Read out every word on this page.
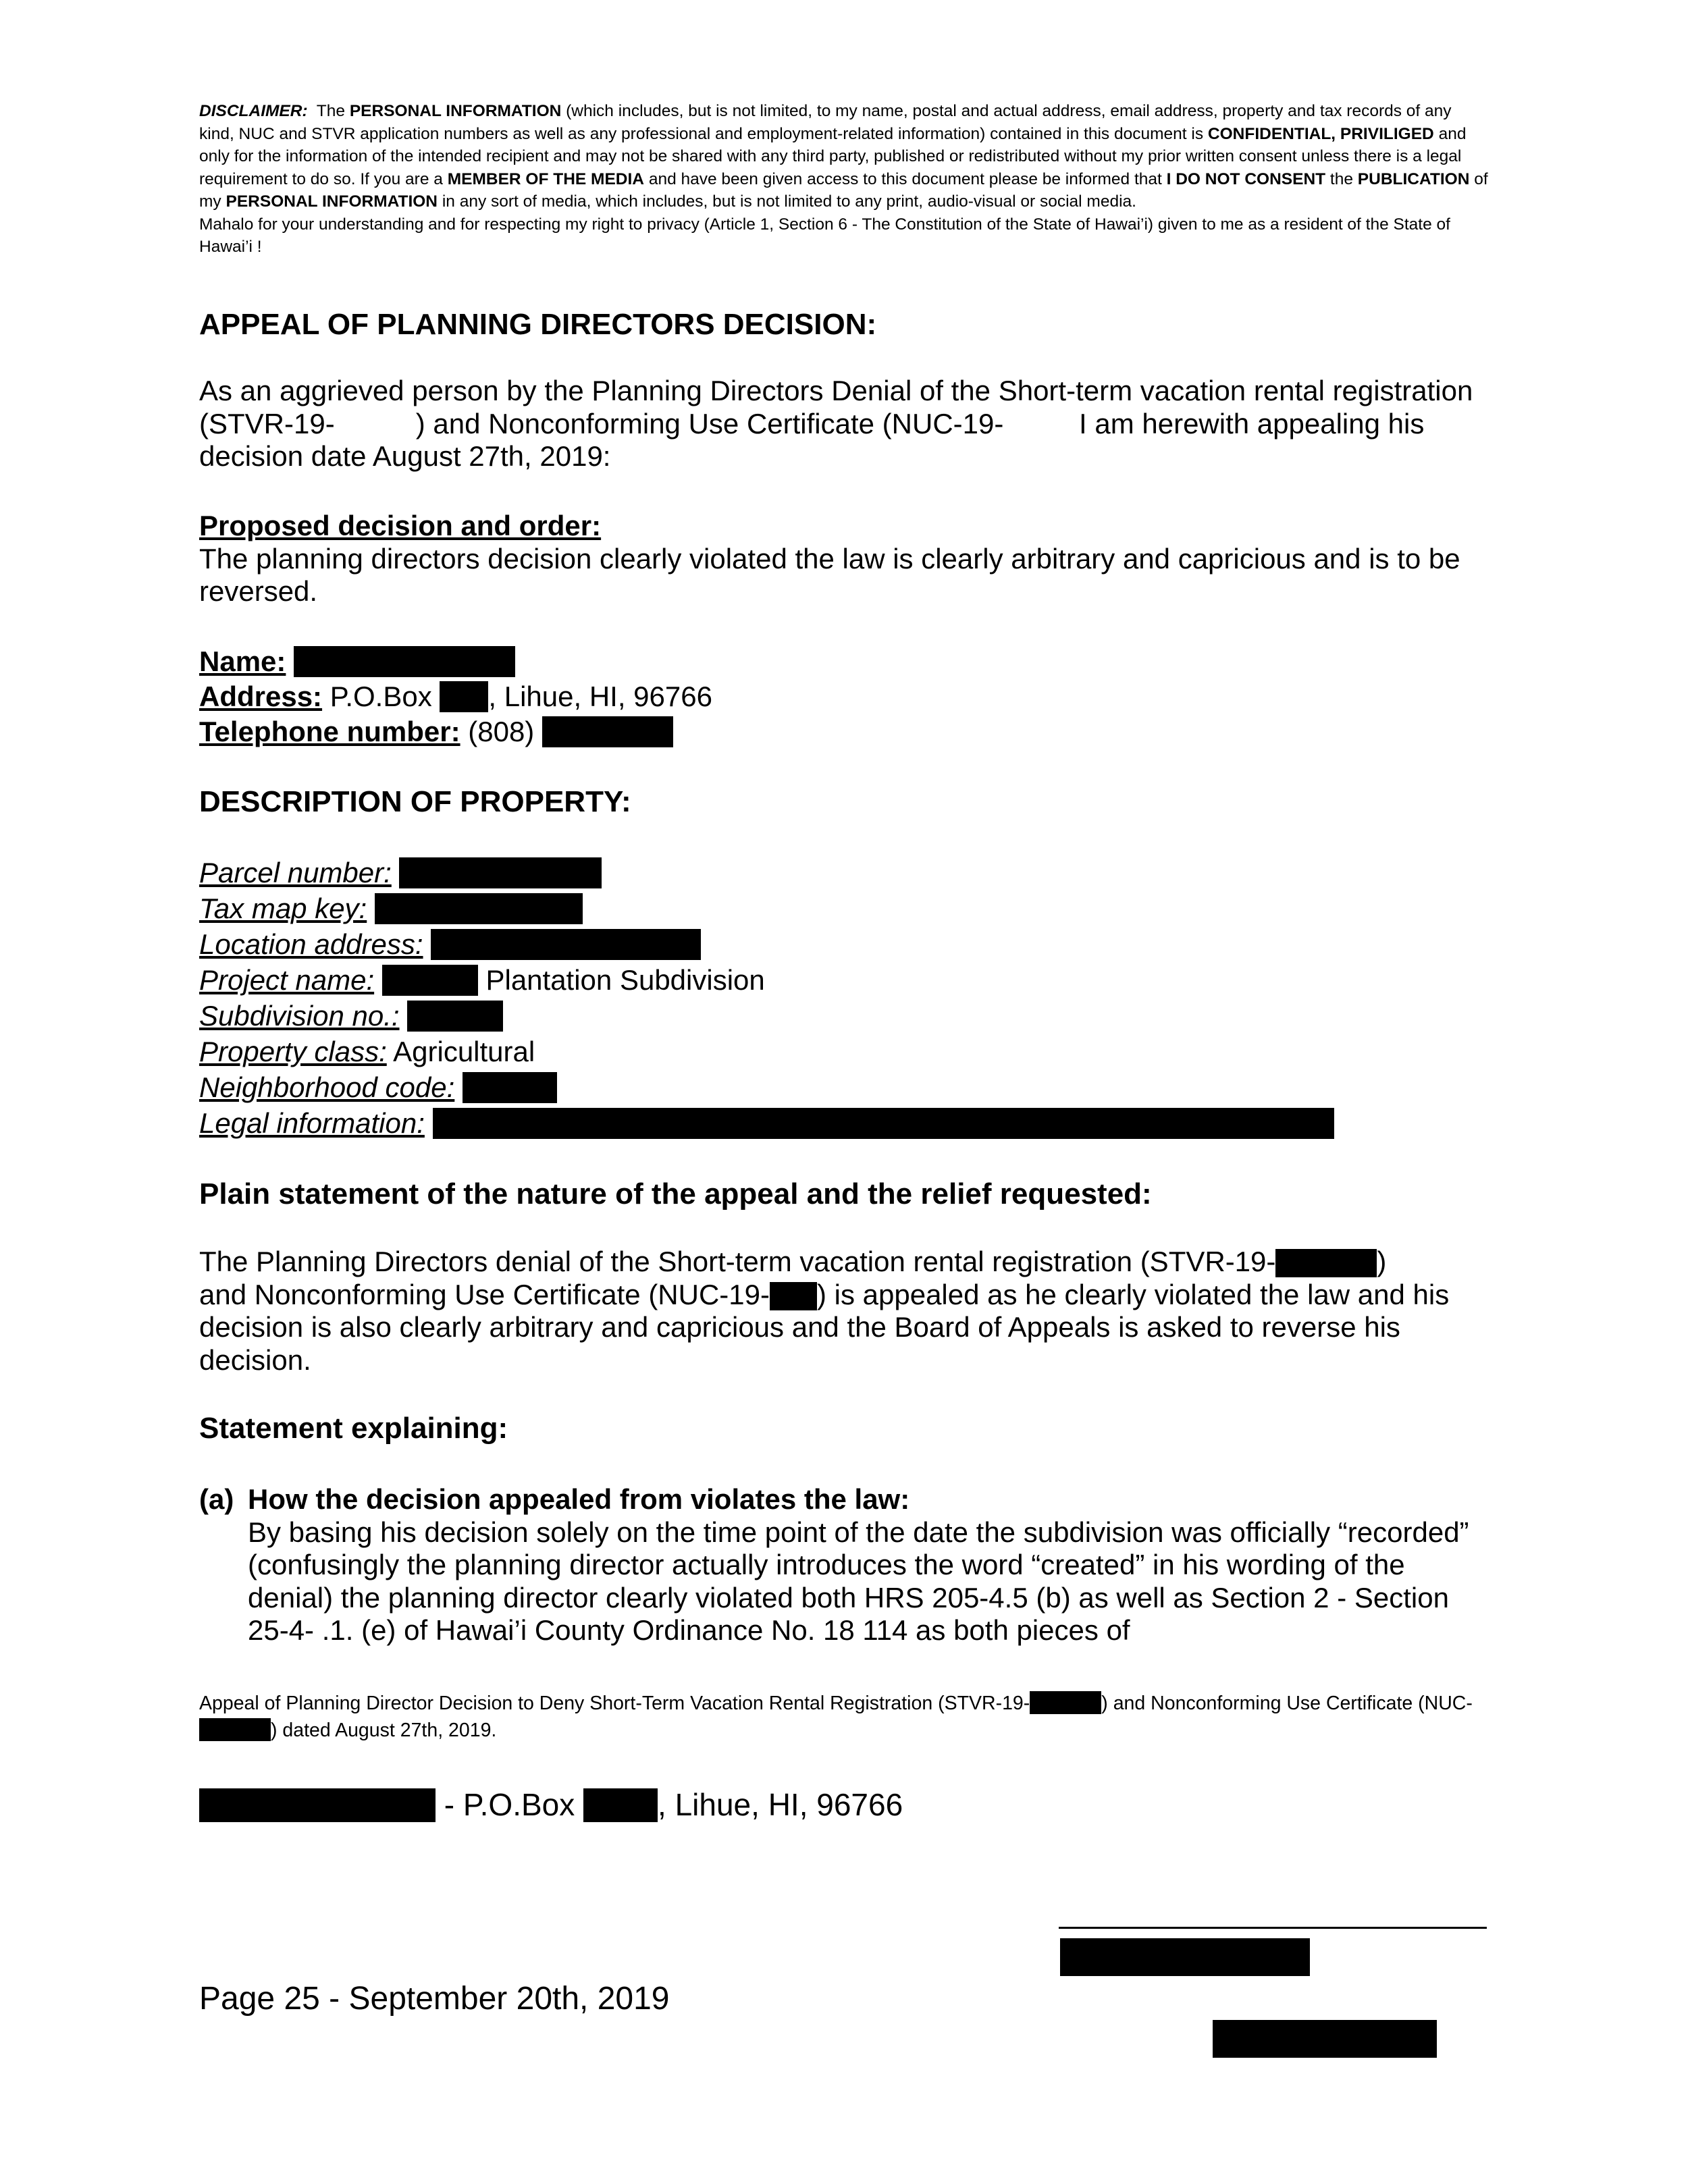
DISCLAIMER: The PERSONAL INFORMATION (which includes, but is not limited, to my name, postal and actual address, email address, property and tax records of any kind, NUC and STVR application numbers as well as any professional and employment-related information) contained in this document is CONFIDENTIAL, PRIVILIGED and only for the information of the intended recipient and may not be shared with any third party, published or redistributed without my prior written consent unless there is a legal requirement to do so. If you are a MEMBER OF THE MEDIA and have been given access to this document please be informed that I DO NOT CONSENT the PUBLICATION of my PERSONAL INFORMATION in any sort of media, which includes, but is not limited to any print, audio-visual or social media.

Mahalo for your understanding and for respecting my right to privacy (Article 1, Section 6 - The Constitution of the State of Hawai’i) given to me as a resident of the State of Hawai’i !

APPEAL OF PLANNING DIRECTORS DECISION:
As an aggrieved person by the Planning Directors Denial of the Short-term vacation rental registration (STVR-19-	) and Nonconforming Use Certificate (NUC-19-	I am herewith appealing his decision date August 27th, 2019:
Proposed decision and order:
The planning directors decision clearly violated the law is clearly arbitrary and capricious and is to be reversed.
Name:
Address: P.O.Box , Lihue, HI, 96766
Telephone number: (808)
DESCRIPTION OF PROPERTY:
Parcel number:
Tax map key:
Location address:
Project name:	Plantation Subdivision
Subdivision no.:
Property class: Agricultural
Neighborhood code:
Legal information:
Plain statement of the nature of the appeal and the relief requested:
The Planning Directors denial of the Short-term vacation rental registration (STVR-19-	)
and Nonconforming Use Certificate (NUC-19- ) is appealed as he clearly violated the law and his decision is also clearly arbitrary and capricious and the Board of Appeals is asked to reverse his decision.
Statement explaining:
(a) How the decision appealed from violates the law:
By basing his decision solely on the time point of the date the subdivision was officially “recorded” (confusingly the planning director actually introduces the word “created” in his wording of the denial) the planning director clearly violated both HRS 205-4.5 (b) as well as Section 2 - Section 25-4- .1. (e) of Hawai’i County Ordinance No. 18 114 as both pieces of
Appeal of Planning Director Decision to Deny Short-Term Vacation Rental Registration (STVR-19-	) and Nonconforming Use Certificate (NUC-) dated August 27th, 2019.
- P.O.Box	, Lihue, HI, 96766
Page 25 - September 20th, 2019
